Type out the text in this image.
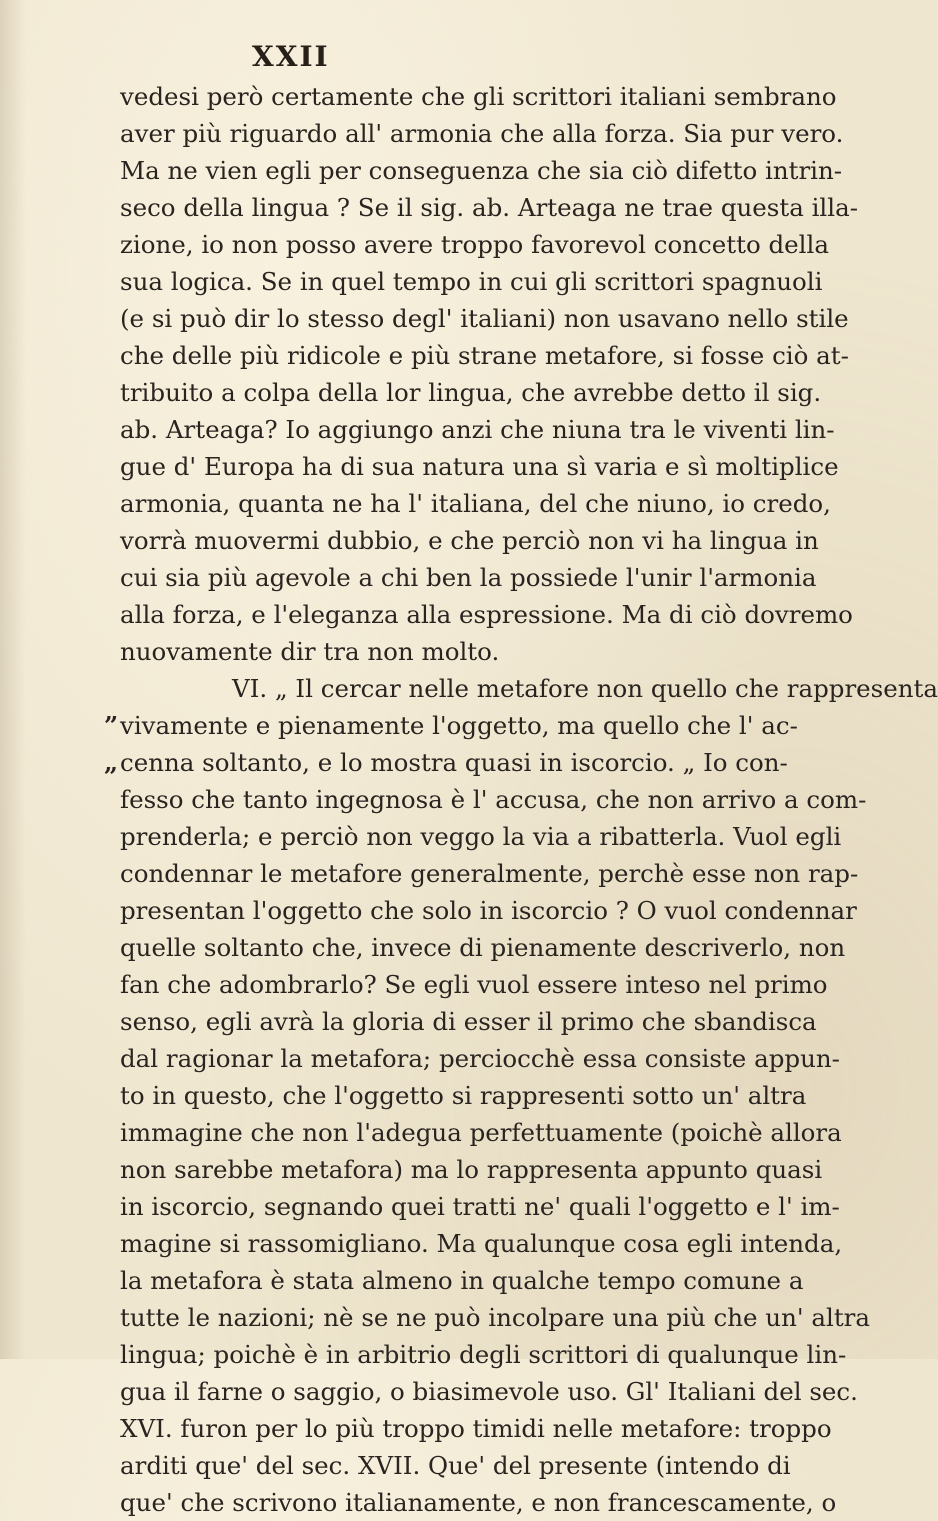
XXII
vedesi però certamente che gli scrittori italiani sembrano
aver più riguardo all' armonia che alla forza. Sia pur vero.
Ma ne vien egli per conseguenza che sia ciò difetto intrin-
seco della lingua ? Se il sig. ab. Arteaga ne trae questa illa-
zione, io non posso avere troppo favorevol concetto della
sua logica. Se in quel tempo in cui gli scrittori spagnuoli
(e si può dir lo stesso degl' italiani) non usavano nello stile
che delle più ridicole e più strane metafore, si fosse ciò at-
tribuito a colpa della lor lingua, che avrebbe detto il sig.
ab. Arteaga? Io aggiungo anzi che niuna tra le viventi lin-
gue d' Europa ha di sua natura una sì varia e sì moltiplice
armonia, quanta ne ha l' italiana, del che niuno, io credo,
vorrà muovermi dubbio, e che perciò non vi ha lingua in
cui sia più agevole a chi ben la possiede l'unir l'armonia
alla forza, e l'eleganza alla espressione. Ma di ciò dovremo
nuovamente dir tra non molto.
VI. „ Il cercar nelle metafore non quello che rappresenta
” vivamente e pienamente l'oggetto, ma quello che l' ac-
„ cenna soltanto, e lo mostra quasi in iscorcio. „ Io con-
fesso che tanto ingegnosa è l' accusa, che non arrivo a com-
prenderla; e perciò non veggo la via a ribatterla. Vuol egli
condennar le metafore generalmente, perchè esse non rap-
presentan l'oggetto che solo in iscorcio ? O vuol condennar
quelle soltanto che, invece di pienamente descriverlo, non
fan che adombrarlo? Se egli vuol essere inteso nel primo
senso, egli avrà la gloria di esser il primo che sbandisca
dal ragionar la metafora; perciocchè essa consiste appun-
to in questo, che l'oggetto si rappresenti sotto un' altra
immagine che non l'adegua perfettuamente (poichè allora
non sarebbe metafora) ma lo rappresenta appunto quasi
in iscorcio, segnando quei tratti ne' quali l'oggetto e l' im-
magine si rassomigliano. Ma qualunque cosa egli intenda,
la metafora è stata almeno in qualche tempo comune a
tutte le nazioni; nè se ne può incolpare una più che un' altra
lingua; poichè è in arbitrio degli scrittori di qualunque lin-
gua il farne o saggio, o biasimevole uso. Gl' Italiani del sec.
XVI. furon per lo più troppo timidi nelle metafore: troppo
arditi que' del sec. XVII. Que' del presente (intendo di
que' che scrivono italianamente, e non francescamente, o
